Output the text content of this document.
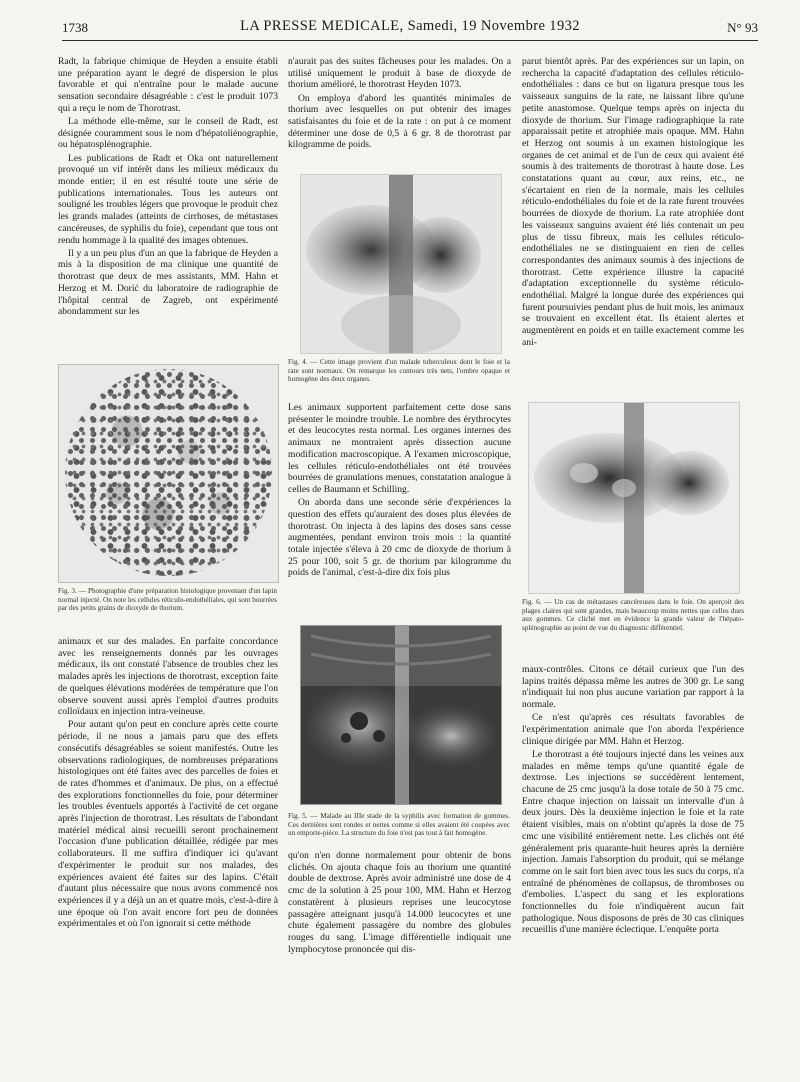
1738	LA PRESSE MEDICALE, Samedi, 19 Novembre 1932	N° 93

Radt, la fabrique chimique de Heyden a ensuite établi une préparation ayant le degré de dispersion le plus favorable et qui n'entraîne pour le malade aucune sensation secondaire désagréable : c'est le produit 1073 qui a reçu le nom de Thorotrast.

La méthode elle-même, sur le conseil de Radt, est désignée couramment sous le nom d'hépatoliénographie, ou hépatosplénographie.

Les publications de Radt et Oka ont naturellement provoqué un vif intérêt dans les milieux médicaux du monde entier; il en est résulté toute une série de publications internationales. Tous les auteurs ont souligné les troubles légers que provoque le produit chez les grands malades (atteints de cirrhoses, de métastases cancéreuses, de syphilis du foie), cependant que tous ont rendu hommage à la qualité des images obtenues.

Il y a un peu plus d'un an que la fabrique de Heyden a mis à la disposition de ma clinique une quantité de thorotrast que deux de mes assistants, MM. Hahn et Herzog et M. Dorić du laboratoire de radiographie de l'hôpital central de Zagreb, ont expérimenté abondamment sur les

Fig. 3. — Photographie d'une préparation histologique provenant d'un lapin normal injecté. On note les cellules réticulo-endothéliales, qui sont bourrées par des petits grains de dioxyde de thorium.

animaux et sur des malades. En parfaite concordance avec les renseignements donnés par les ouvrages médicaux, ils ont constaté l'absence de troubles chez les malades après les injections de thorotrast, exception faite de quelques élévations modérées de température que l'on observe souvent aussi après l'emploi d'autres produits colloïdaux en injection intra-veineuse.

Pour autant qu'on peut en conclure après cette courte période, il ne nous a jamais paru que des effets consécutifs désagréables se soient manifestés. Outre les observations radiologiques, de nombreuses préparations histologiques ont été faites avec des parcelles de foies et de rates d'hommes et d'animaux. De plus, on a effectué des explorations fonctionnelles du foie, pour déterminer les troubles éventuels apportés à l'activité de cet organe après l'injection de thorotrast. Les résultats de l'abondant matériel médical ainsi recueilli seront prochainement l'occasion d'une publication détaillée, rédigée par mes collaborateurs. Il me suffira d'indiquer ici qu'avant d'expérimenter le produit sur nos malades, des expériences avaient été faites sur des lapins. C'était d'autant plus nécessaire que nous avons commencé nos expériences il y a déjà un an et quatre mois, c'est-à-dire à une époque où l'on avait encore fort peu de données expérimentales et où l'on ignorait si cette méthode

n'aurait pas des suites fâcheuses pour les malades. On a utilisé uniquement le produit à base de dioxyde de thorium amélioré, le thorotrast Heyden 1073.

On employa d'abord les quantités minimales de thorium avec lesquelles on put obtenir des images satisfaisantes du foie et de la rate : on put à ce moment déterminer une dose de 0,5 à 6 gr. 8 de thorotrast par kilogramme de poids.

Fig. 4. — Cette image provient d'un malade tuberculeux dont le foie et la rate sont normaux. On remarque les contours très nets, l'ombre opaque et homogène des deux organes.

Les animaux supportent parfaitement cette dose sans présenter le moindre trouble. Le nombre des érythrocytes et des leucocytes resta normal. Les organes internes des animaux ne montraient après dissection aucune modification macroscopique. A l'examen microscopique, les cellules réticulo-endothéliales ont été trouvées bourrées de granulations menues, constatation analogue à celles de Baumann et Schilling.

On aborda dans une seconde série d'expériences la question des effets qu'auraient des doses plus élevées de thorotrast. On injecta à des lapins des doses sans cesse augmentées, pendant environ trois mois : la quantité totale injectée s'éleva à 20 cmc de dioxyde de thorium à 25 pour 100, soit 5 gr. de thorium par kilogramme du poids de l'animal, c'est-à-dire dix fois plus

Fig. 5. — Malade au IIIe stade de la syphilis avec formation de gommes. Ces dernières sont rondes et nettes comme si elles avaient été coupées avec un emporte-pièce. La structure du foie n'est pas tout à fait homogène.

qu'on n'en donne normalement pour obtenir de bons clichés. On ajouta chaque fois au thorium une quantité double de dextrose. Après avoir administré une dose de 4 cmc de la solution à 25 pour 100, MM. Hahn et Herzog constatèrent à plusieurs reprises une leucocytose passagère atteignant jusqu'à 14.000 leucocytes et une chute également passagère du nombre des globules rouges du sang. L'image différentielle indiquait une lymphocytose prononcée qui dis-

parut bientôt après. Par des expériences sur un lapin, on rechercha la capacité d'adaptation des cellules réticulo-endothéliales : dans ce but on ligatura presque tous les vaisseaux sanguins de la rate, ne laissant libre qu'une petite anastomose. Quelque temps après on injecta du dioxyde de thorium. Sur l'image radiographique la rate apparaissait petite et atrophiée mais opaque. MM. Hahn et Herzog ont soumis à un examen histologique les organes de cet animal et de l'un de ceux qui avaient été soumis à des traitements de thorotrast à haute dose. Les constatations quant au cœur, aux reins, etc., ne s'écartaient en rien de la normale, mais les cellules réticulo-endothéliales du foie et de la rate furent trouvées bourrées de dioxyde de thorium. La rate atrophiée dont les vaisseaux sanguins avaient été liés contenait un peu plus de tissu fibreux, mais les cellules réticulo-endothéliales ne se distinguaient en rien de celles correspondantes des animaux soumis à des injections de thorotrast. Cette expérience illustre la capacité d'adaptation exceptionnelle du système réticulo-endothélial. Malgré la longue durée des expériences qui furent poursuivies pendant plus de huit mois, les animaux se trouvaient en excellent état. Ils étaient alertes et augmentèrent en poids et en taille exactement comme les ani-

Fig. 6. — Un cas de métastases cancéreuses dans le foie. On aperçoit des plages claires qui sont grandes, mais beaucoup moins nettes que celles dues aux gommes. Ce cliché met en évidence la grande valeur de l'hépato-splénographie au point de vue du diagnostic différentiel.

maux-contrôles. Citons ce détail curieux que l'un des lapins traités dépassa même les autres de 300 gr. Le sang n'indiquait lui non plus aucune variation par rapport à la normale.

Ce n'est qu'après ces résultats favorables de l'expérimentation animale que l'on aborda l'expérience clinique dirigée par MM. Hahn et Herzog.

Le thorotrast a été toujours injecté dans les veines aux malades en même temps qu'une quantité égale de dextrose. Les injections se succédèrent lentement, chacune de 25 cmc jusqu'à la dose totale de 50 à 75 cmc. Entre chaque injection on laissait un intervalle d'un à deux jours. Dès la deuxième injection le foie et la rate étaient visibles, mais on n'obtint qu'après la dose de 75 cmc une visibilité entièrement nette. Les clichés ont été généralement pris quarante-huit heures après la dernière injection. Jamais l'absorption du produit, qui se mélange comme on le sait fort bien avec tous les sucs du corps, n'a entraîné de phénomènes de collapsus, de thromboses ou d'embolies. L'aspect du sang et les explorations fonctionnelles du foie n'indiquèrent aucun fait pathologique. Nous disposons de près de 30 cas cliniques recueillis d'une manière éclectique. L'enquête porta
